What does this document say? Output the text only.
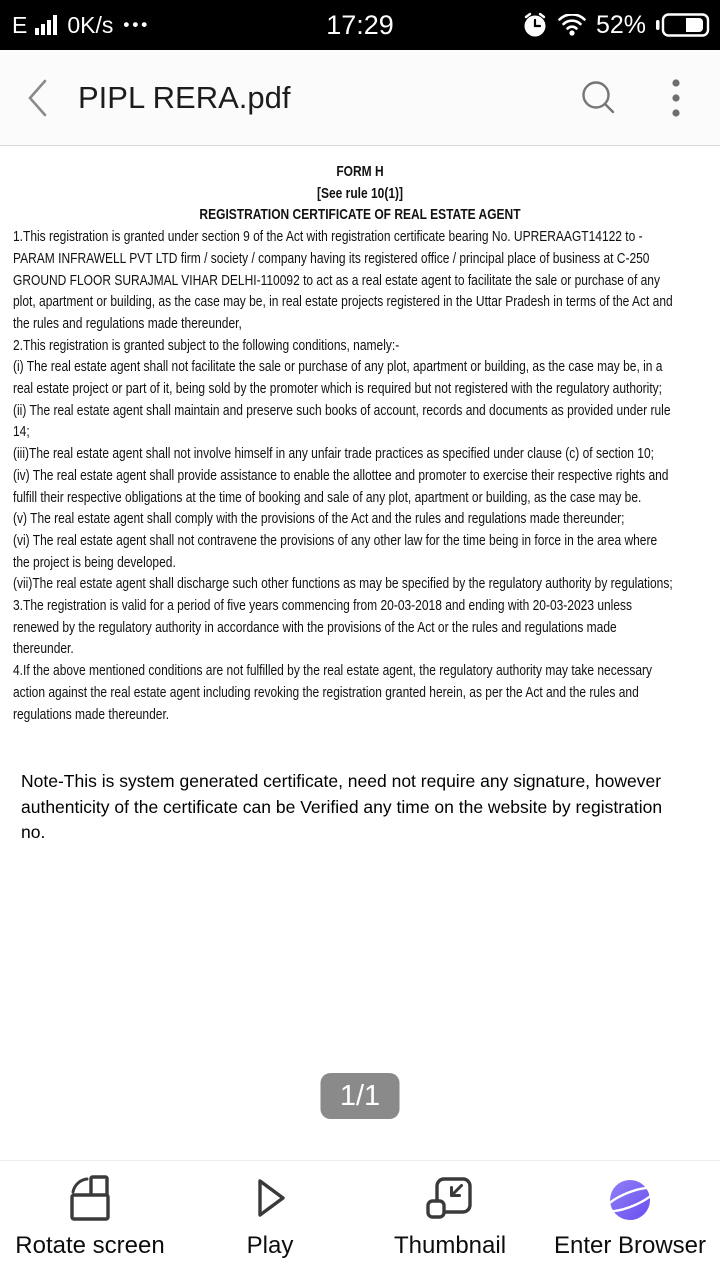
E 0K/s •••	17:29	52%
PIPL RERA.pdf
FORM H
[See rule 10(1)]
REGISTRATION CERTIFICATE OF REAL ESTATE AGENT
1.This registration is granted under section 9 of the Act with registration certificate bearing No. UPRERAAGT14122 to -
PARAM INFRAWELL PVT LTD firm / society / company having its registered office / principal place of business at C-250
GROUND FLOOR SURAJMAL VIHAR DELHI-110092 to act as a real estate agent to facilitate the sale or purchase of any
plot, apartment or building, as the case may be, in real estate projects registered in the Uttar Pradesh in terms of the Act and
the rules and regulations made thereunder,
2.This registration is granted subject to the following conditions, namely:-
(i) The real estate agent shall not facilitate the sale or purchase of any plot, apartment or building, as the case may be, in a
real estate project or part of it, being sold by the promoter which is required but not registered with the regulatory authority;
(ii) The real estate agent shall maintain and preserve such books of account, records and documents as provided under rule
14;
(iii)The real estate agent shall not involve himself in any unfair trade practices as specified under clause (c) of section 10;
(iv) The real estate agent shall provide assistance to enable the allottee and promoter to exercise their respective rights and
fulfill their respective obligations at the time of booking and sale of any plot, apartment or building, as the case may be.
(v) The real estate agent shall comply with the provisions of the Act and the rules and regulations made thereunder;
(vi) The real estate agent shall not contravene the provisions of any other law for the time being in force in the area where
the project is being developed.
(vii)The real estate agent shall discharge such other functions as may be specified by the regulatory authority by regulations;
3.The registration is valid for a period of five years commencing from 20-03-2018 and ending with 20-03-2023 unless
renewed by the regulatory authority in accordance with the provisions of the Act or the rules and regulations made
thereunder.
4.If the above mentioned conditions are not fulfilled by the real estate agent, the regulatory authority may take necessary
action against the real estate agent including revoking the registration granted herein, as per the Act and the rules and
regulations made thereunder.
Note-This is system generated certificate, need not require any signature, however
authenticity of the certificate can be Verified any time on the website by registration
no.
1/1
Rotate screen	Play	Thumbnail Enter Browser
